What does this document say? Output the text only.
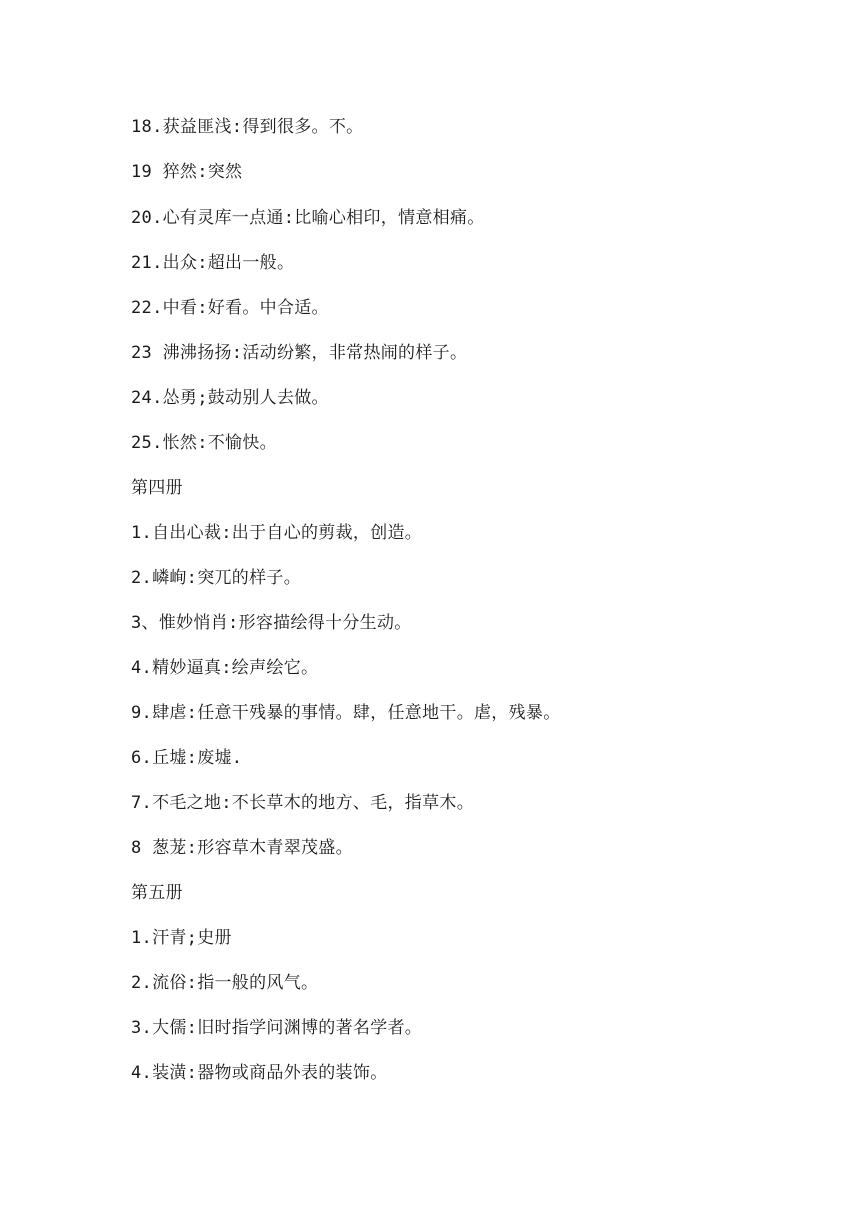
18.获益匪浅:得到很多。不。
19 猝然:突然
20.心有灵库一点通:比喻心相印，情意相痛。
21.出众:超出一般。
22.中看:好看。中合适。
23 沸沸扬扬:活动纷繁，非常热闹的样子。
24.怂勇;鼓动别人去做。
25.怅然:不愉快。
第四册
1.自出心裁:出于自心的剪裁，创造。
2.嶙峋:突兀的样子。
3、惟妙悄肖:形容描绘得十分生动。
4.精妙逼真:绘声绘它。
9.肆虐:任意干残暴的事情。肆，任意地干。虐，残暴。
6.丘墟:废墟.
7.不毛之地:不长草木的地方、毛，指草木。
8 葱茏:形容草木青翠茂盛。
第五册
1.汗青;史册
2.流俗:指一般的风气。
3.大儒:旧时指学问渊博的著名学者。
4.装潢:器物或商品外表的装饰。
